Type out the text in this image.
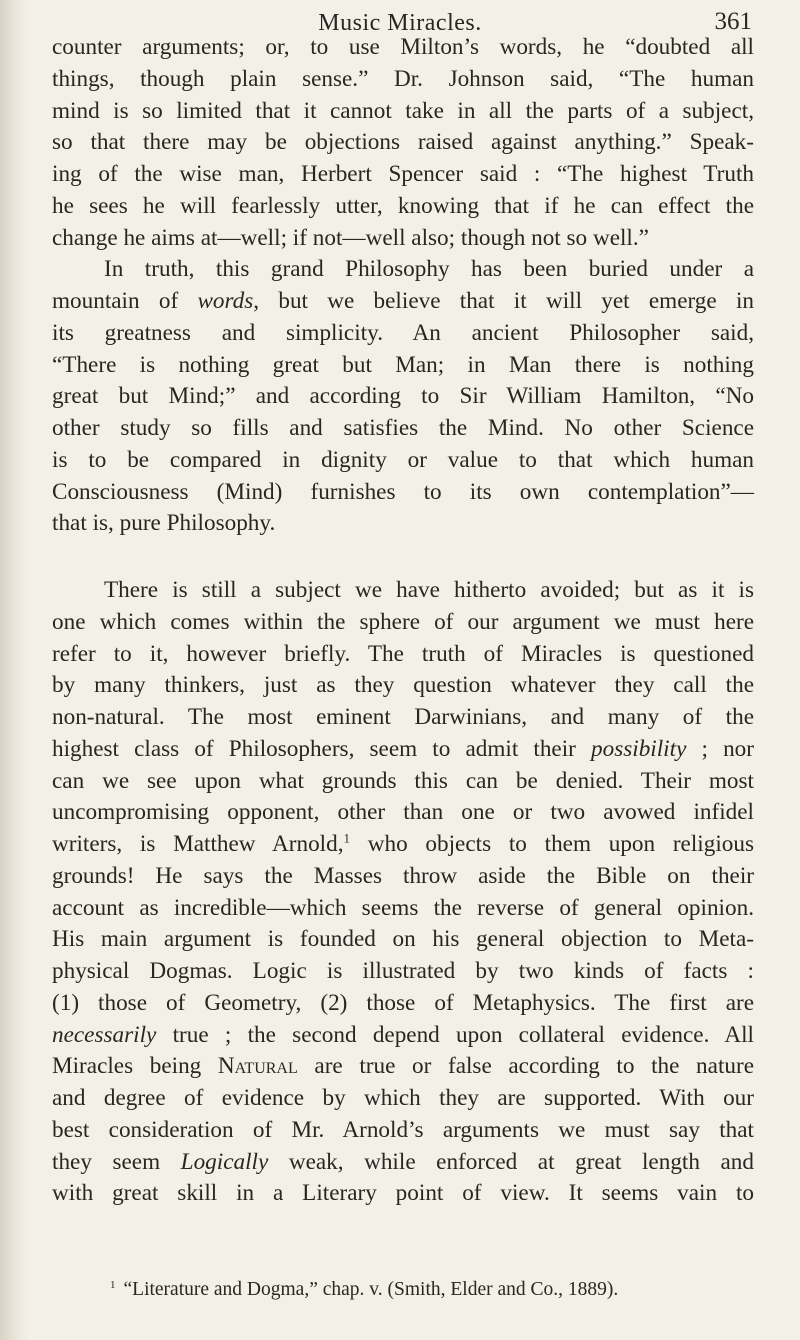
Music Miracles.	361
counter arguments; or, to use Milton’s words, he “doubted all
things, though plain sense.” Dr. Johnson said, “The human
mind is so limited that it cannot take in all the parts of a subject,
so that there may be objections raised against anything.” Speak-
ing of the wise man, Herbert Spencer said : “The highest Truth
he sees he will fearlessly utter, knowing that if he can effect the
change he aims at—well; if not—well also; though not so well.”
In truth, this grand Philosophy has been buried under a
mountain of words, but we believe that it will yet emerge in
its greatness and simplicity. An ancient Philosopher said,
“There is nothing great but Man; in Man there is nothing
great but Mind;” and according to Sir William Hamilton, “No
other study so fills and satisfies the Mind. No other Science
is to be compared in dignity or value to that which human
Consciousness (Mind) furnishes to its own contemplation”—
that is, pure Philosophy.
There is still a subject we have hitherto avoided; but as it is
one which comes within the sphere of our argument we must here
refer to it, however briefly. The truth of Miracles is questioned
by many thinkers, just as they question whatever they call the
non-natural. The most eminent Darwinians, and many of the
highest class of Philosophers, seem to admit their possibility ; nor
can we see upon what grounds this can be denied. Their most
uncompromising opponent, other than one or two avowed infidel
writers, is Matthew Arnold,$^1$ who objects to them upon religious
grounds! He says the Masses throw aside the Bible on their
account as incredible—which seems the reverse of general opinion.
His main argument is founded on his general objection to Meta-
physical Dogmas. Logic is illustrated by two kinds of facts :
(1) those of Geometry, (2) those of Metaphysics. The first are
necessarily true ; the second depend upon collateral evidence. All
Miracles being Natural are true or false according to the nature
and degree of evidence by which they are supported. With our
best consideration of Mr. Arnold’s arguments we must say that
they seem Logically weak, while enforced at great length and
with great skill in a Literary point of view. It seems vain to
$^1$ “Literature and Dogma,” chap. v. (Smith, Elder and Co., 1889).
